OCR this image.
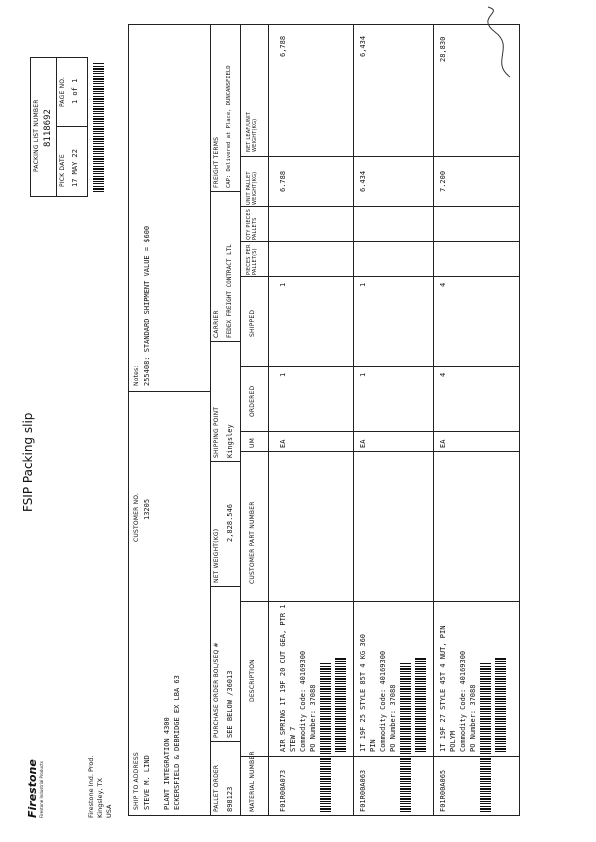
FSIP Packing slip
Firestone Firestone Industrial Products	Firestone Ind. Prod. Kingsley, TX USA
PACKING LIST NUMBER 8118692
PICK DATE 17 MAY 22
PAGE NO. 1 of 1
SHIP TO ADDRESS
CUSTOMER NO. 13205
STEVE M. LIND PLANT INTEGRATION 4300 ECKERSFIELD & DEBRIDGE EX LBA 63
Notes: 255408: STANDARD SHIPMENT VALUE = $600
PALLET ORDER 898123
PURCHASE ORDER BOL/SEQ # SEE BELOW /36013
NET WEIGHT(KG)
2,828.546
SHIPPING POINT Kingsley
CARRIER FEDEX FREIGHT CONTRACT LTL
FREIGHT TERMS CAP: Delivered at Place, DUNCANSFIELD
MATERIAL NUMBER
DESCRIPTION
CUSTOMER PART NUMBER
UM
ORDERED
SHIPPED
PIECES PER PALLET(S)
QTY PIECES PALLETS
UNIT PALLET WEIGHT(KG)
NET LEAF/UNIT WEIGHT(KG)
F01R00A073
AIR SPRING 1T 19F 20 CUT GEA, PTR 1 STEW 7 Commodity Code: 40169300 PO Number: 37088
EA
1
1
6.788
6,788
F01R00A063
1T 19F 25 STYLE 85T 4 KG 360 PIN Commodity Code: 40169300 PO Number: 37088
EA
1
1
6.434
6,434
F01R00A065
1T 19F 27 STYLE 45T 4 NUT, PIN POLYM Commodity Code: 40169300 PO Number: 37088
EA
4
4
7.200
28,830
